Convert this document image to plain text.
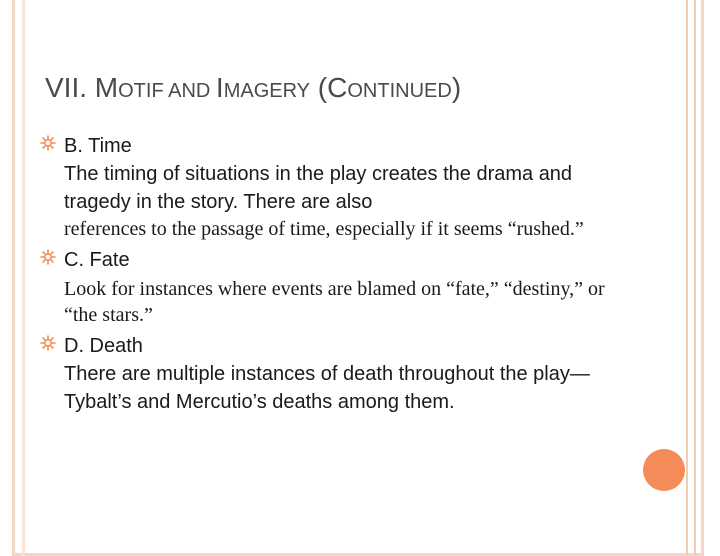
VII. MOTIF AND IMAGERY (CONTINUED)
B. Time
The timing of situations in the play creates the drama and tragedy in the story. There are also
references to the passage of time, especially if it seems “rushed.”
C. Fate
Look for instances where events are blamed on “fate,” “destiny,” or “the stars.”
D. Death
There are multiple instances of death throughout the play—Tybalt’s and Mercutio’s deaths among them.
